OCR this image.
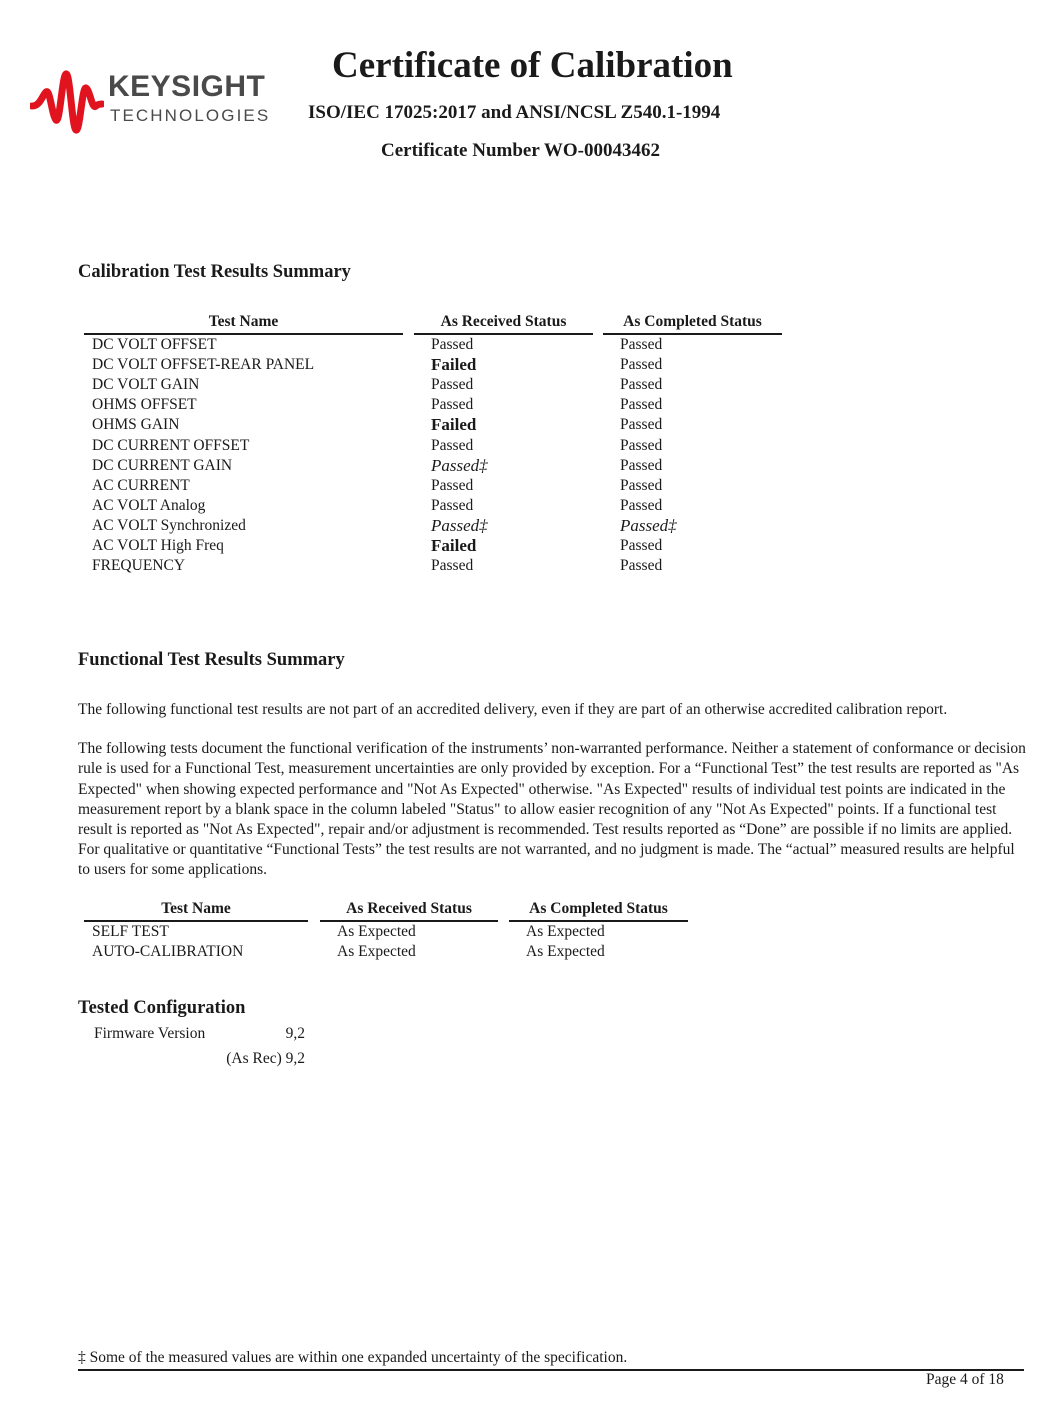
KEYSIGHT
TECHNOLOGIES
Certificate of Calibration
ISO/IEC 17025:2017 and ANSI/NCSL Z540.1-1994
Certificate Number WO-00043462
Calibration Test Results Summary
Test Name	As Received Status	As Completed Status
DC VOLT OFFSET	Passed	Passed
DC VOLT OFFSET-REAR PANEL	Failed	Passed
DC VOLT GAIN	Passed	Passed
OHMS OFFSET	Passed	Passed
OHMS GAIN	Failed	Passed
DC CURRENT OFFSET	Passed	Passed
DC CURRENT GAIN	Passed‡	Passed
AC CURRENT	Passed	Passed
AC VOLT Analog	Passed	Passed
AC VOLT Synchronized	Passed‡	Passed‡
AC VOLT High Freq	Failed	Passed
FREQUENCY	Passed	Passed
Functional Test Results Summary

The following functional test results are not part of an accredited delivery, even if they are part of an otherwise accredited calibration report.

The following tests document the functional verification of the instruments’ non-warranted performance. Neither a statement of conformance or decision rule is used for a Functional Test, measurement uncertainties are only provided by exception. For a “Functional Test” the test results are reported as "As Expected" when showing expected performance and "Not As Expected" otherwise. "As Expected" results of individual test points are indicated in the measurement report by a blank space in the column labeled "Status" to allow easier recognition of any "Not As Expected" points. If a functional test result is reported as "Not As Expected", repair and/or adjustment is recommended. Test results reported as “Done” are possible if no limits are applied. For qualitative or quantitative “Functional Tests” the test results are not warranted, and no judgment is made. The “actual” measured results are helpful to users for some applications.

Test Name	As Received Status	As Completed Status
SELF TEST	As Expected	As Expected
AUTO-CALIBRATION	As Expected	As Expected
Tested Configuration
Firmware Version	9,2
(As Rec) 9,2
‡ Some of the measured values are within one expanded uncertainty of the specification.
Page 4 of 18
